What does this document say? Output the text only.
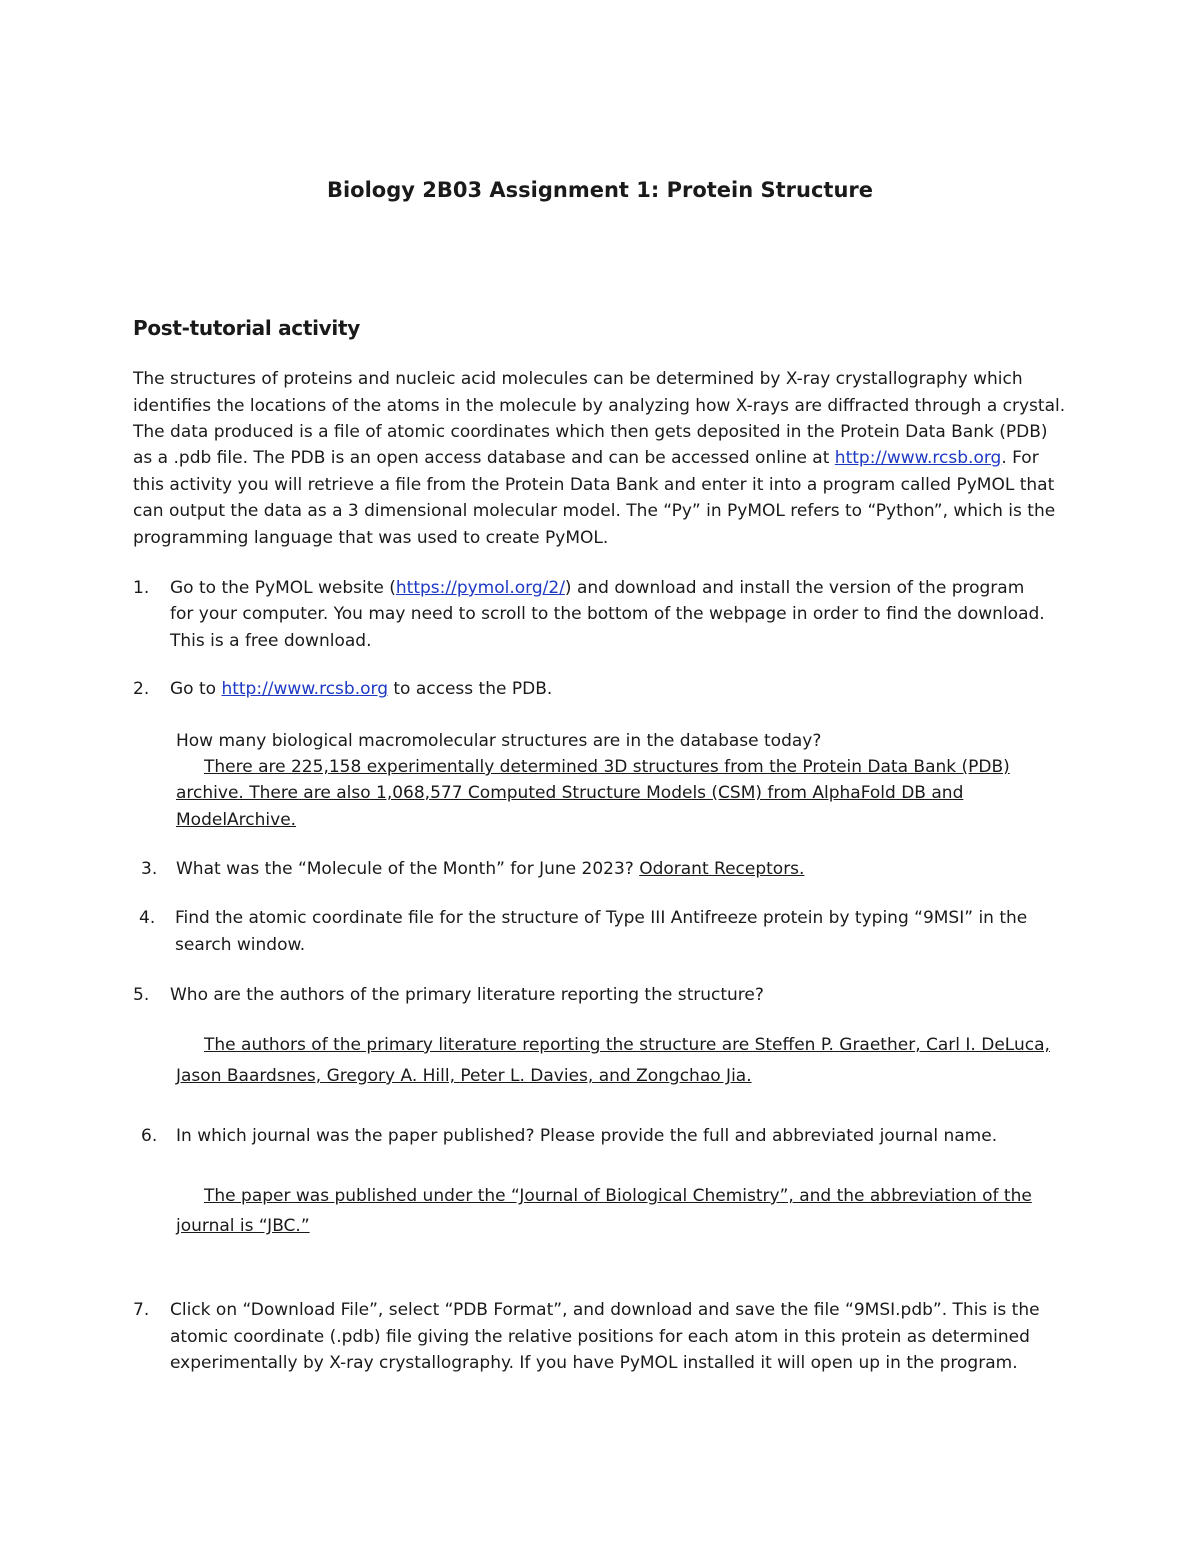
Biology 2B03 Assignment 1: Protein Structure
Post-tutorial activity
The structures of proteins and nucleic acid molecules can be determined by X-ray crystallography which
identifies the locations of the atoms in the molecule by analyzing how X-rays are diffracted through a crystal.
The data produced is a file of atomic coordinates which then gets deposited in the Protein Data Bank (PDB)
as a .pdb file. The PDB is an open access database and can be accessed online at http://www.rcsb.org. For
this activity you will retrieve a file from the Protein Data Bank and enter it into a program called PyMOL that
can output the data as a 3 dimensional molecular model. The “Py” in PyMOL refers to “Python”, which is the
programming language that was used to create PyMOL.
1. Go to the PyMOL website (https://pymol.org/2/) and download and install the version of the program
for your computer. You may need to scroll to the bottom of the webpage in order to find the download.
This is a free download.
2. Go to http://www.rcsb.org to access the PDB.
How many biological macromolecular structures are in the database today?
There are 225,158 experimentally determined 3D structures from the Protein Data Bank (PDB)
archive. There are also 1,068,577 Computed Structure Models (CSM) from AlphaFold DB and
ModelArchive.
3. What was the “Molecule of the Month” for June 2023? Odorant Receptors.
4. Find the atomic coordinate file for the structure of Type III Antifreeze protein by typing “9MSI” in the
search window.
5. Who are the authors of the primary literature reporting the structure?
The authors of the primary literature reporting the structure are Steffen P. Graether, Carl I. DeLuca,
Jason Baardsnes, Gregory A. Hill, Peter L. Davies, and Zongchao Jia.
6. In which journal was the paper published? Please provide the full and abbreviated journal name.
The paper was published under the “Journal of Biological Chemistry”, and the abbreviation of the
journal is “JBC.”
7. Click on “Download File”, select “PDB Format”, and download and save the file “9MSI.pdb”. This is the
atomic coordinate (.pdb) file giving the relative positions for each atom in this protein as determined
experimentally by X-ray crystallography. If you have PyMOL installed it will open up in the program.
